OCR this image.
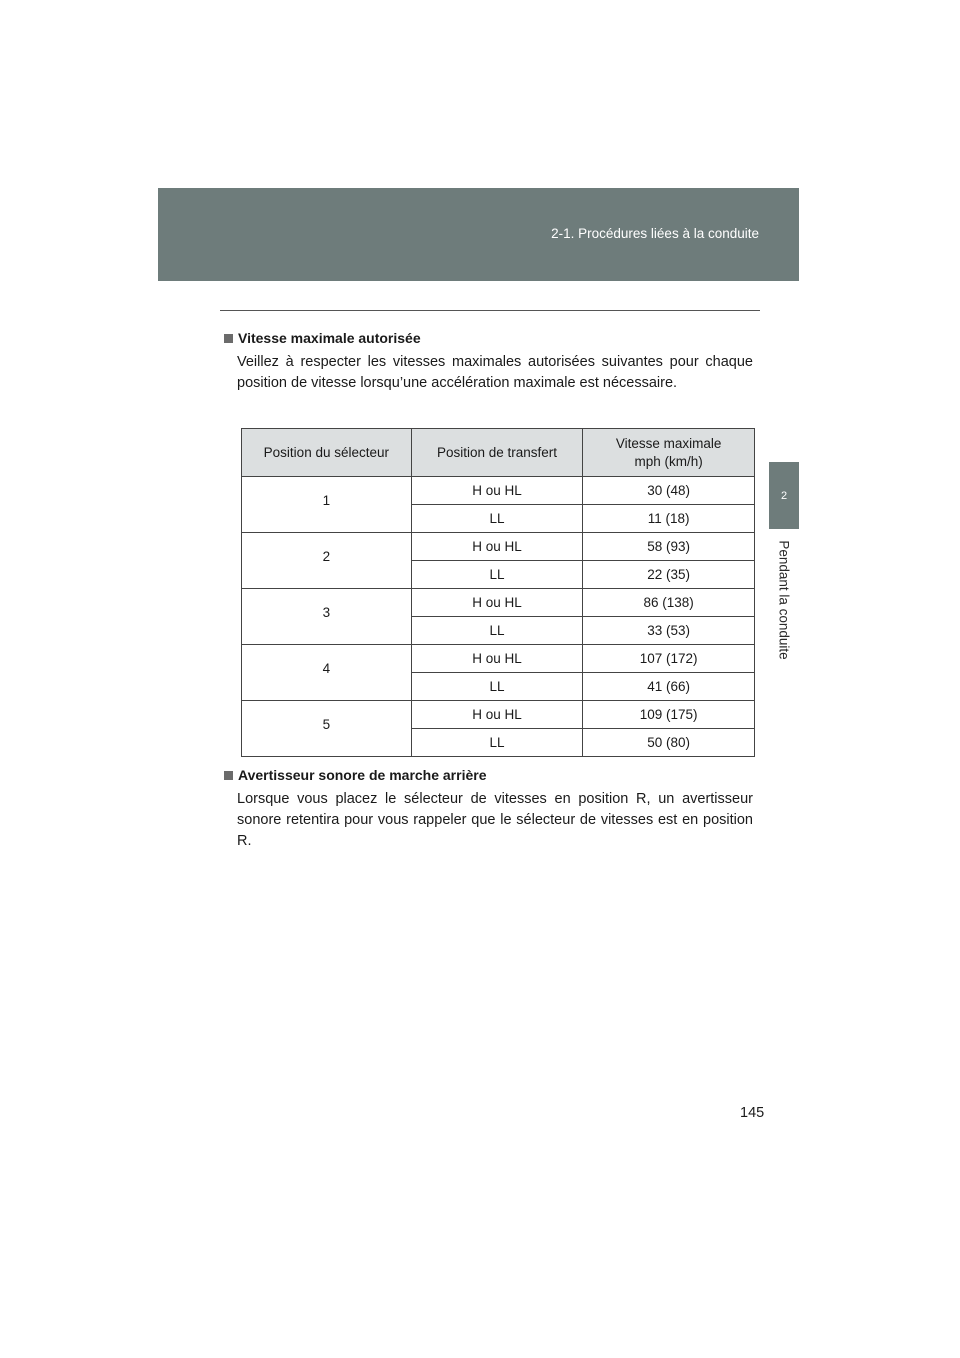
2-1. Procédures liées à la conduite
2
Pendant la conduite
Vitesse maximale autorisée

Veillez à respecter les vitesses maximales autorisées suivantes pour chaque position de vitesse lorsqu’une accélération maximale est nécessaire.

Position du sélecteur	Position de transfert	Vitesse maximale
mph (km/h)
1	H ou HL	30 (48)
	LL	11 (18)
2	H ou HL	58 (93)
	LL	22 (35)
3	H ou HL	86 (138)
	LL	33 (53)
4	H ou HL	107 (172)
	LL	41 (66)
5	H ou HL	109 (175)
	LL	50 (80)
Avertisseur sonore de marche arrière

Lorsque vous placez le sélecteur de vitesses en position R, un avertisseur sonore retentira pour vous rappeler que le sélecteur de vitesses est en position R.

145
